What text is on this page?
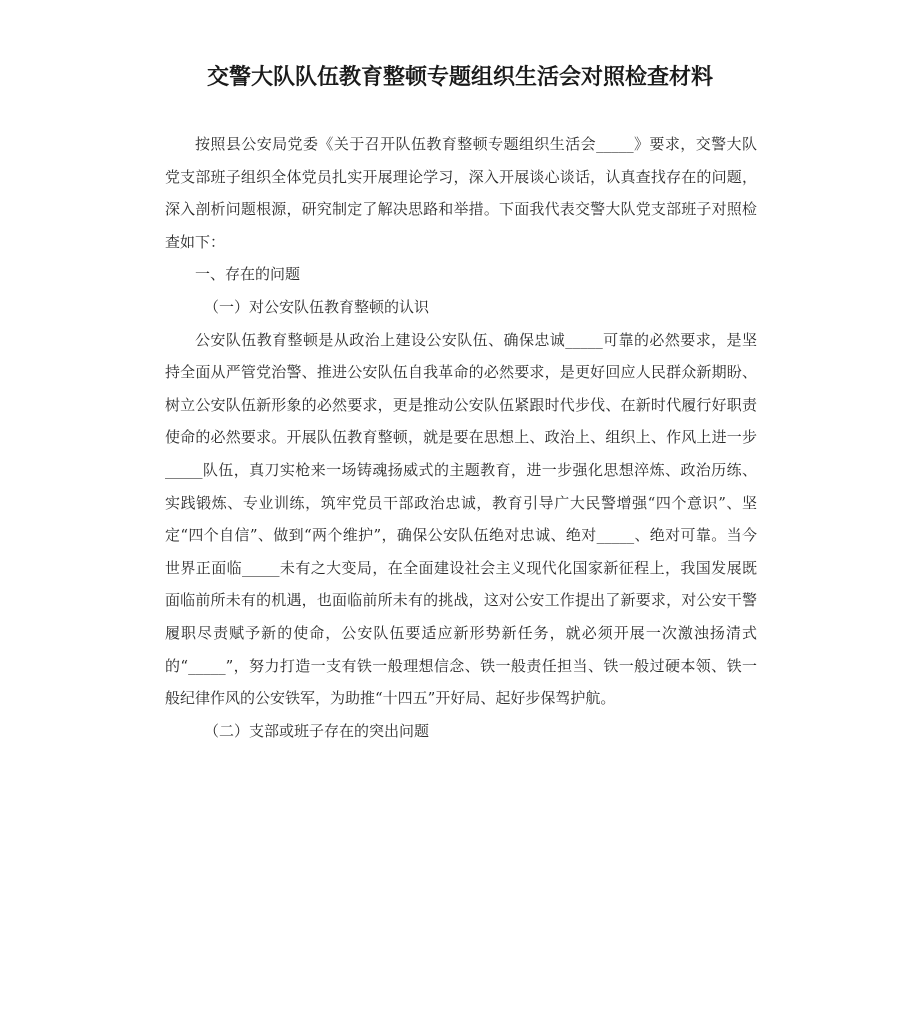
交警大队队伍教育整顿专题组织生活会对照检查材料

按照县公安局党委《关于召开队伍教育整顿专题组织生活会_____》要求，交警大队党支部班子组织全体党员扎实开展理论学习，深入开展谈心谈话，认真查找存在的问题，深入剖析问题根源，研究制定了解决思路和举措。下面我代表交警大队党支部班子对照检查如下：

一、存在的问题

（一）对公安队伍教育整顿的认识

公安队伍教育整顿是从政治上建设公安队伍、确保忠诚_____可靠的必然要求，是坚持全面从严管党治警、推进公安队伍自我革命的必然要求，是更好回应人民群众新期盼、树立公安队伍新形象的必然要求，更是推动公安队伍紧跟时代步伐、在新时代履行好职责使命的必然要求。开展队伍教育整顿，就是要在思想上、政治上、组织上、作风上进一步_____队伍，真刀实枪来一场铸魂扬威式的主题教育，进一步强化思想淬炼、政治历练、实践锻炼、专业训练，筑牢党员干部政治忠诚，教育引导广大民警增强“四个意识”、坚定“四个自信”、做到“两个维护”，确保公安队伍绝对忠诚、绝对_____、绝对可靠。当今世界正面临_____未有之大变局，在全面建设社会主义现代化国家新征程上，我国发展既面临前所未有的机遇，也面临前所未有的挑战，这对公安工作提出了新要求，对公安干警履职尽责赋予新的使命，公安队伍要适应新形势新任务，就必须开展一次激浊扬清式的“_____”，努力打造一支有铁一般理想信念、铁一般责任担当、铁一般过硬本领、铁一般纪律作风的公安铁军，为助推“十四五”开好局、起好步保驾护航。

（二）支部或班子存在的突出问题
